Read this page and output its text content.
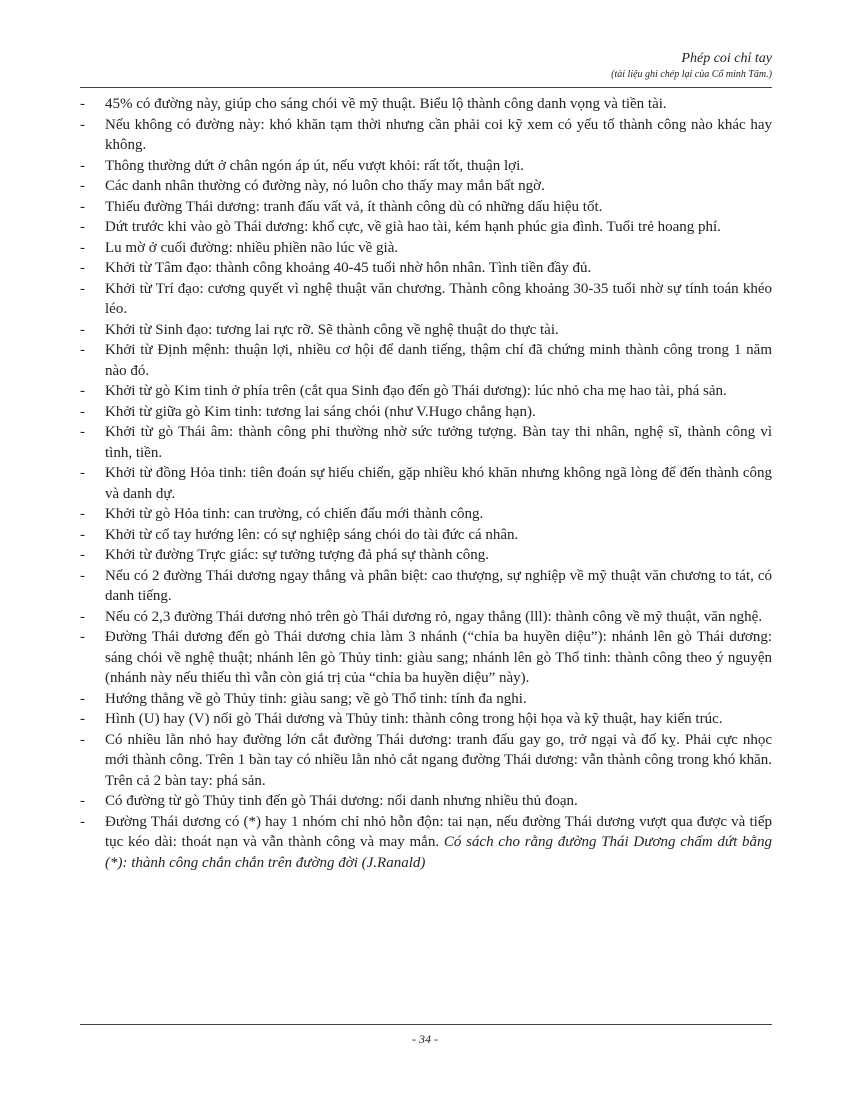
Phép coi chỉ tay
(tài liệu ghi chép lại của Cổ minh Tâm.)
- 45% có đường này, giúp cho sáng chói về mỹ thuật. Biểu lộ thành công danh vọng và tiền tài.
- Nếu không có đường này: khó khăn tạm thời nhưng cần phải coi kỹ xem có yếu tố thành công nào khác hay không.
- Thông thường dứt ở chân ngón áp út, nếu vượt khỏi: rất tốt, thuận lợi.
- Các danh nhân thường có đường này, nó luôn cho thấy may mắn bất ngờ.
- Thiếu đường Thái dương: tranh đấu vất vả, ít thành công dù có những dấu hiệu tốt.
- Dứt trước khi vào gò Thái dương: khổ cực, về già hao tài, kém hạnh phúc gia đình. Tuổi trẻ hoang phí.
- Lu mờ ở cuối đường: nhiều phiền não lúc về già.
- Khởi từ Tâm đạo: thành công khoảng 40-45 tuổi nhờ hôn nhân. Tình tiền đầy đủ.
- Khởi từ Trí đạo: cương quyết vì nghệ thuật văn chương. Thành công khoảng 30-35 tuổi nhờ sự tính toán khéo léo.
- Khởi từ Sinh đạo: tương lai rực rỡ. Sẽ thành công về nghệ thuật do thực tài.
- Khởi từ Định mệnh: thuận lợi, nhiều cơ hội để danh tiếng, thậm chí đã chứng minh thành công trong 1 năm nào đó.
- Khởi từ gò Kim tinh ở phía trên (cắt qua Sinh đạo đến gò Thái dương): lúc nhỏ cha mẹ hao tài, phá sản.
- Khởi từ giữa gò Kim tinh: tương lai sáng chói (như V.Hugo chẳng hạn).
- Khởi từ gò Thái âm: thành công phi thường nhờ sức tưởng tượng. Bàn tay thi nhân, nghệ sĩ, thành công vì tình, tiền.
- Khởi từ đồng Hỏa tinh: tiên đoán sự hiếu chiến, gặp nhiều khó khăn nhưng không ngã lòng để đến thành công và danh dự.
- Khởi từ gò Hỏa tinh: can trường, có chiến đấu mới thành công.
- Khởi từ cổ tay hướng lên: có sự nghiệp sáng chói do tài đức cá nhân.
- Khởi từ đường Trực giác: sự tưởng tượng đả phá sự thành công.
- Nếu có 2 đường Thái dương ngay thẳng và phân biệt: cao thượng, sự nghiệp về mỹ thuật văn chương to tát, có danh tiếng.
- Nếu có 2,3 đường Thái dương nhỏ trên gò Thái dương rỏ, ngay thẳng (lll): thành công về mỹ thuật, văn nghệ.
- Đường Thái dương đến gò Thái dương chia làm 3 nhánh (“chỉa ba huyền diệu”): nhánh lên gò Thái dương: sáng chói về nghệ thuật; nhánh lên gò Thủy tinh: giàu sang; nhánh lên gò Thổ tinh: thành công theo ý nguyện (nhánh này nếu thiếu thì vẫn còn giá trị của “chỉa ba huyền diệu” này).
- Hướng thẳng về gò Thủy tinh: giàu sang; về gò Thổ tinh: tính đa nghi.
- Hình (U) hay (V) nối gò Thái dương và Thủy tinh: thành công trong hội họa và kỹ thuật, hay kiến trúc.
- Có nhiều lằn nhỏ hay đường lớn cắt đường Thái dương: tranh đấu gay go, trở ngại và đố kỵ. Phải cực nhọc mới thành công. Trên 1 bàn tay có nhiều lằn nhỏ cắt ngang đường Thái dương: vẫn thành công trong khó khăn. Trên cả 2 bàn tay: phá sản.
- Có đường từ gò Thủy tinh đến gò Thái dương: nổi danh nhưng nhiều thủ đoạn.
- Đường Thái dương có (*) hay 1 nhóm chỉ nhỏ hỗn độn: tai nạn, nếu đường Thái dương vượt qua được và tiếp tục kéo dài: thoát nạn và vẫn thành công và may mắn. Có sách cho rằng đường Thái Dương chấm dứt bằng (*): thành công chắn chắn trên đường đời (J.Ranald)
- 34 -
